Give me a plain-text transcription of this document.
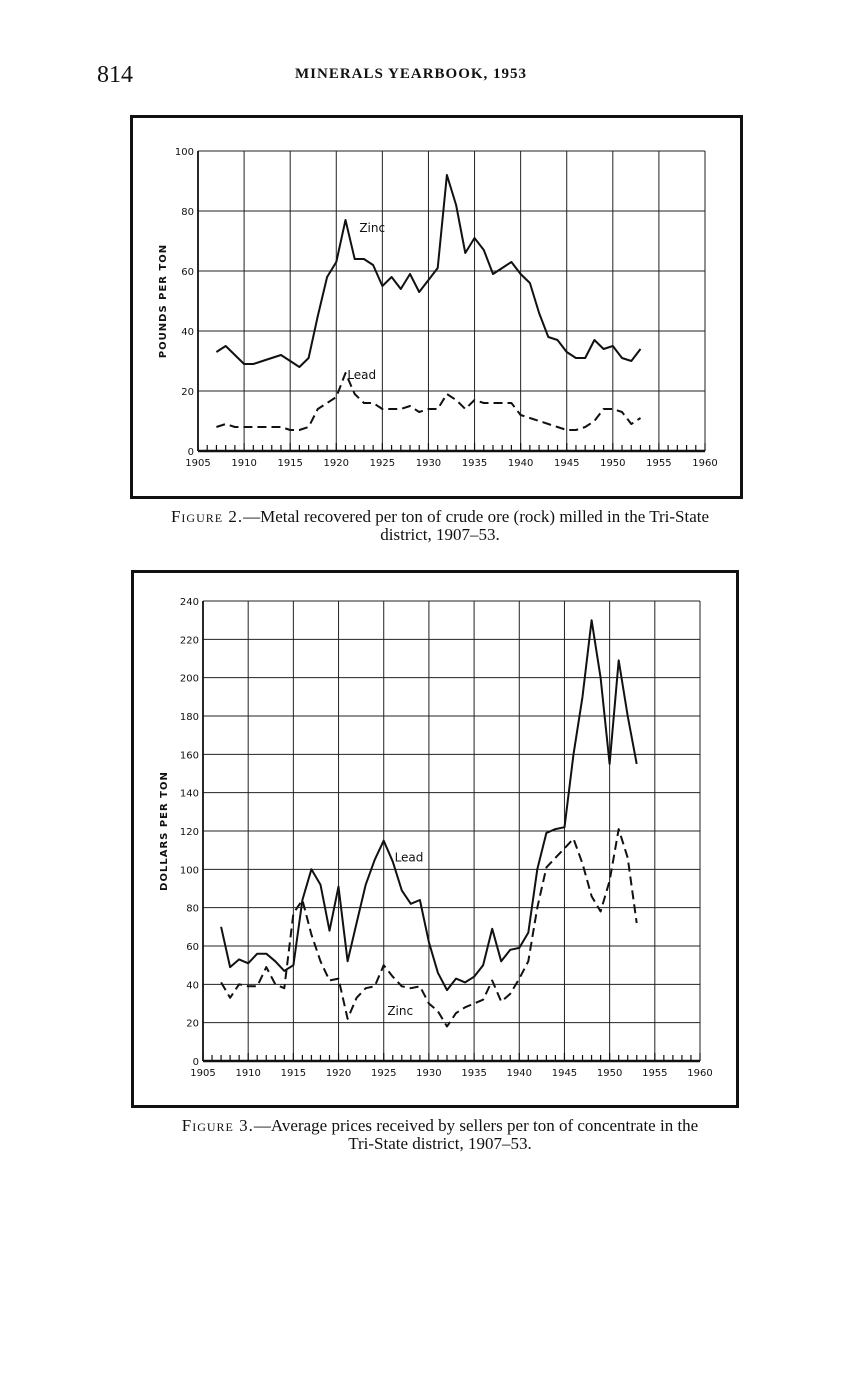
814	MINERALS YEARBOOK, 1953
0
20
40
60
80
100
1905 1910 1915 1920 1925 1930 1935 1940 1945 1950 1955 1960
POUNDS PER TON
Zinc
Lead
Figure 2.—Metal recovered per ton of crude ore (rock) milled in the Tri-State
district, 1907–53.
0
20
40
60
80
100
120
140
160
180
200
220
240
1905 1910 1915 1920 1925 1930 1935 1940 1945 1950 1955 1960
DOLLARS PER TON	Lead
Zinc
Figure 3.—Average prices received by sellers per ton of concentrate in the
Tri-State district, 1907–53.
